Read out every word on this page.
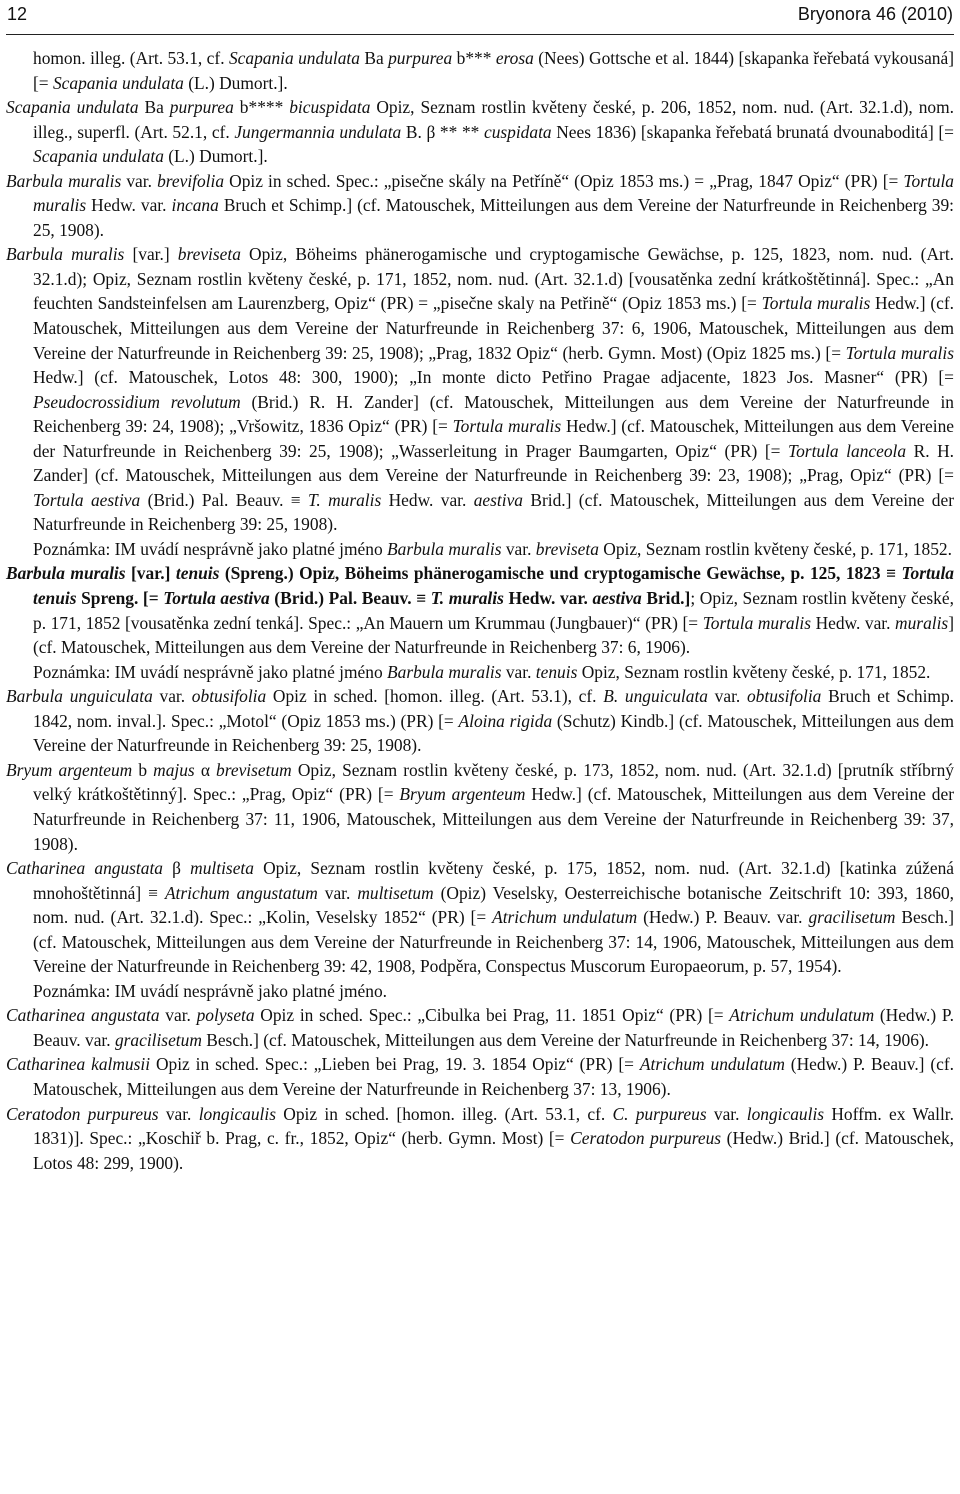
12	Bryonora 46 (2010)

homon. illeg. (Art. 53.1, cf. Scapania undulata Ba purpurea b*** erosa (Nees) Gottsche et al. 1844) [skapanka řeřebatá vykousaná] [= Scapania undulata (L.) Dumort.].

Scapania undulata Ba purpurea b**** bicuspidata Opiz, Seznam rostlin květeny české, p. 206, 1852, nom. nud. (Art. 32.1.d), nom. illeg., superfl. (Art. 52.1, cf. Jungermannia undulata B. β ** ** cuspidata Nees 1836) [skapanka řeřebatá brunatá dvounaboditá] [= Scapania undulata (L.) Dumort.].

Barbula muralis var. brevifolia Opiz in sched. Spec.: „pisečne skály na Petříně“ (Opiz 1853 ms.) = „Prag, 1847 Opiz“ (PR) [= Tortula muralis Hedw. var. incana Bruch et Schimp.] (cf. Matouschek, Mitteilungen aus dem Vereine der Naturfreunde in Reichenberg 39: 25, 1908).

Barbula muralis [var.] breviseta Opiz, Böheims phänerogamische und cryptogamische Gewächse, p. 125, 1823, nom. nud. (Art. 32.1.d); Opiz, Seznam rostlin květeny české, p. 171, 1852, nom. nud. (Art. 32.1.d) [vousatěnka zední krátkoštětinná]. Spec.: „An feuchten Sandsteinfelsen am Laurenzberg, Opiz“ (PR) = „pisečne skaly na Petřině“ (Opiz 1853 ms.) [= Tortula muralis Hedw.] (cf. Matouschek, Mitteilungen aus dem Vereine der Naturfreunde in Reichenberg 37: 6, 1906, Matouschek, Mitteilungen aus dem Vereine der Naturfreunde in Reichenberg 39: 25, 1908); „Prag, 1832 Opiz“ (herb. Gymn. Most) (Opiz 1825 ms.) [= Tortula muralis Hedw.] (cf. Matouschek, Lotos 48: 300, 1900); „In monte dicto Petřino Pragae adjacente, 1823 Jos. Masner“ (PR) [= Pseudocrossidium revolutum (Brid.) R. H. Zander] (cf. Matouschek, Mitteilungen aus dem Vereine der Naturfreunde in Reichenberg 39: 24, 1908); „Vršowitz, 1836 Opiz“ (PR) [= Tortula muralis Hedw.] (cf. Matouschek, Mitteilungen aus dem Vereine der Naturfreunde in Reichenberg 39: 25, 1908); „Wasserleitung in Prager Baumgarten, Opiz“ (PR) [= Tortula lanceola R. H. Zander] (cf. Matouschek, Mitteilungen aus dem Vereine der Naturfreunde in Reichenberg 39: 23, 1908); „Prag, Opiz“ (PR) [= Tortula aestiva (Brid.) Pal. Beauv. ≡ T. muralis Hedw. var. aestiva Brid.] (cf. Matouschek, Mitteilungen aus dem Vereine der Naturfreunde in Reichenberg 39: 25, 1908).

Poznámka: IM uvádí nesprávně jako platné jméno Barbula muralis var. breviseta Opiz, Seznam rostlin květeny české, p. 171, 1852.

Barbula muralis [var.] tenuis (Spreng.) Opiz, Böheims phänerogamische und cryptogamische Gewächse, p. 125, 1823 ≡ Tortula tenuis Spreng. [= Tortula aestiva (Brid.) Pal. Beauv. ≡ T. muralis Hedw. var. aestiva Brid.]; Opiz, Seznam rostlin květeny české, p. 171, 1852 [vousatěnka zední tenká]. Spec.: „An Mauern um Krummau (Jungbauer)“ (PR) [= Tortula muralis Hedw. var. muralis] (cf. Matouschek, Mitteilungen aus dem Vereine der Naturfreunde in Reichenberg 37: 6, 1906).

Poznámka: IM uvádí nesprávně jako platné jméno Barbula muralis var. tenuis Opiz, Seznam rostlin květeny české, p. 171, 1852.

Barbula unguiculata var. obtusifolia Opiz in sched. [homon. illeg. (Art. 53.1), cf. B. unguiculata var. obtusifolia Bruch et Schimp. 1842, nom. inval.]. Spec.: „Motol“ (Opiz 1853 ms.) (PR) [= Aloina rigida (Schutz) Kindb.] (cf. Matouschek, Mitteilungen aus dem Vereine der Naturfreunde in Reichenberg 39: 25, 1908).

Bryum argenteum b majus α brevisetum Opiz, Seznam rostlin květeny české, p. 173, 1852, nom. nud. (Art. 32.1.d) [prutník stříbrný velký krátkoštětinný]. Spec.: „Prag, Opiz“ (PR) [= Bryum argenteum Hedw.] (cf. Matouschek, Mitteilungen aus dem Vereine der Naturfreunde in Reichenberg 37: 11, 1906, Matouschek, Mitteilungen aus dem Vereine der Naturfreunde in Reichenberg 39: 37, 1908).

Catharinea angustata β multiseta Opiz, Seznam rostlin květeny české, p. 175, 1852, nom. nud. (Art. 32.1.d) [katinka zúžená mnohoštětinná] ≡ Atrichum angustatum var. multisetum (Opiz) Veselsky, Oesterreichische botanische Zeitschrift 10: 393, 1860, nom. nud. (Art. 32.1.d). Spec.: „Kolin, Veselsky 1852“ (PR) [= Atrichum undulatum (Hedw.) P. Beauv. var. gracilisetum Besch.] (cf. Matouschek, Mitteilungen aus dem Vereine der Naturfreunde in Reichenberg 37: 14, 1906, Matouschek, Mitteilungen aus dem Vereine der Naturfreunde in Reichenberg 39: 42, 1908, Podpěra, Conspectus Muscorum Europaeorum, p. 57, 1954).

Poznámka: IM uvádí nesprávně jako platné jméno.

Catharinea angustata var. polyseta Opiz in sched. Spec.: „Cibulka bei Prag, 11. 1851 Opiz“ (PR) [= Atrichum undulatum (Hedw.) P. Beauv. var. gracilisetum Besch.] (cf. Matouschek, Mitteilungen aus dem Vereine der Naturfreunde in Reichenberg 37: 14, 1906).

Catharinea kalmusii Opiz in sched. Spec.: „Lieben bei Prag, 19. 3. 1854 Opiz“ (PR) [= Atrichum undulatum (Hedw.) P. Beauv.] (cf. Matouschek, Mitteilungen aus dem Vereine der Naturfreunde in Reichenberg 37: 13, 1906).

Ceratodon purpureus var. longicaulis Opiz in sched. [homon. illeg. (Art. 53.1, cf. C. purpureus var. longicaulis Hoffm. ex Wallr. 1831)]. Spec.: „Koschiř b. Prag, c. fr., 1852, Opiz“ (herb. Gymn. Most) [= Ceratodon purpureus (Hedw.) Brid.] (cf. Matouschek, Lotos 48: 299, 1900).
